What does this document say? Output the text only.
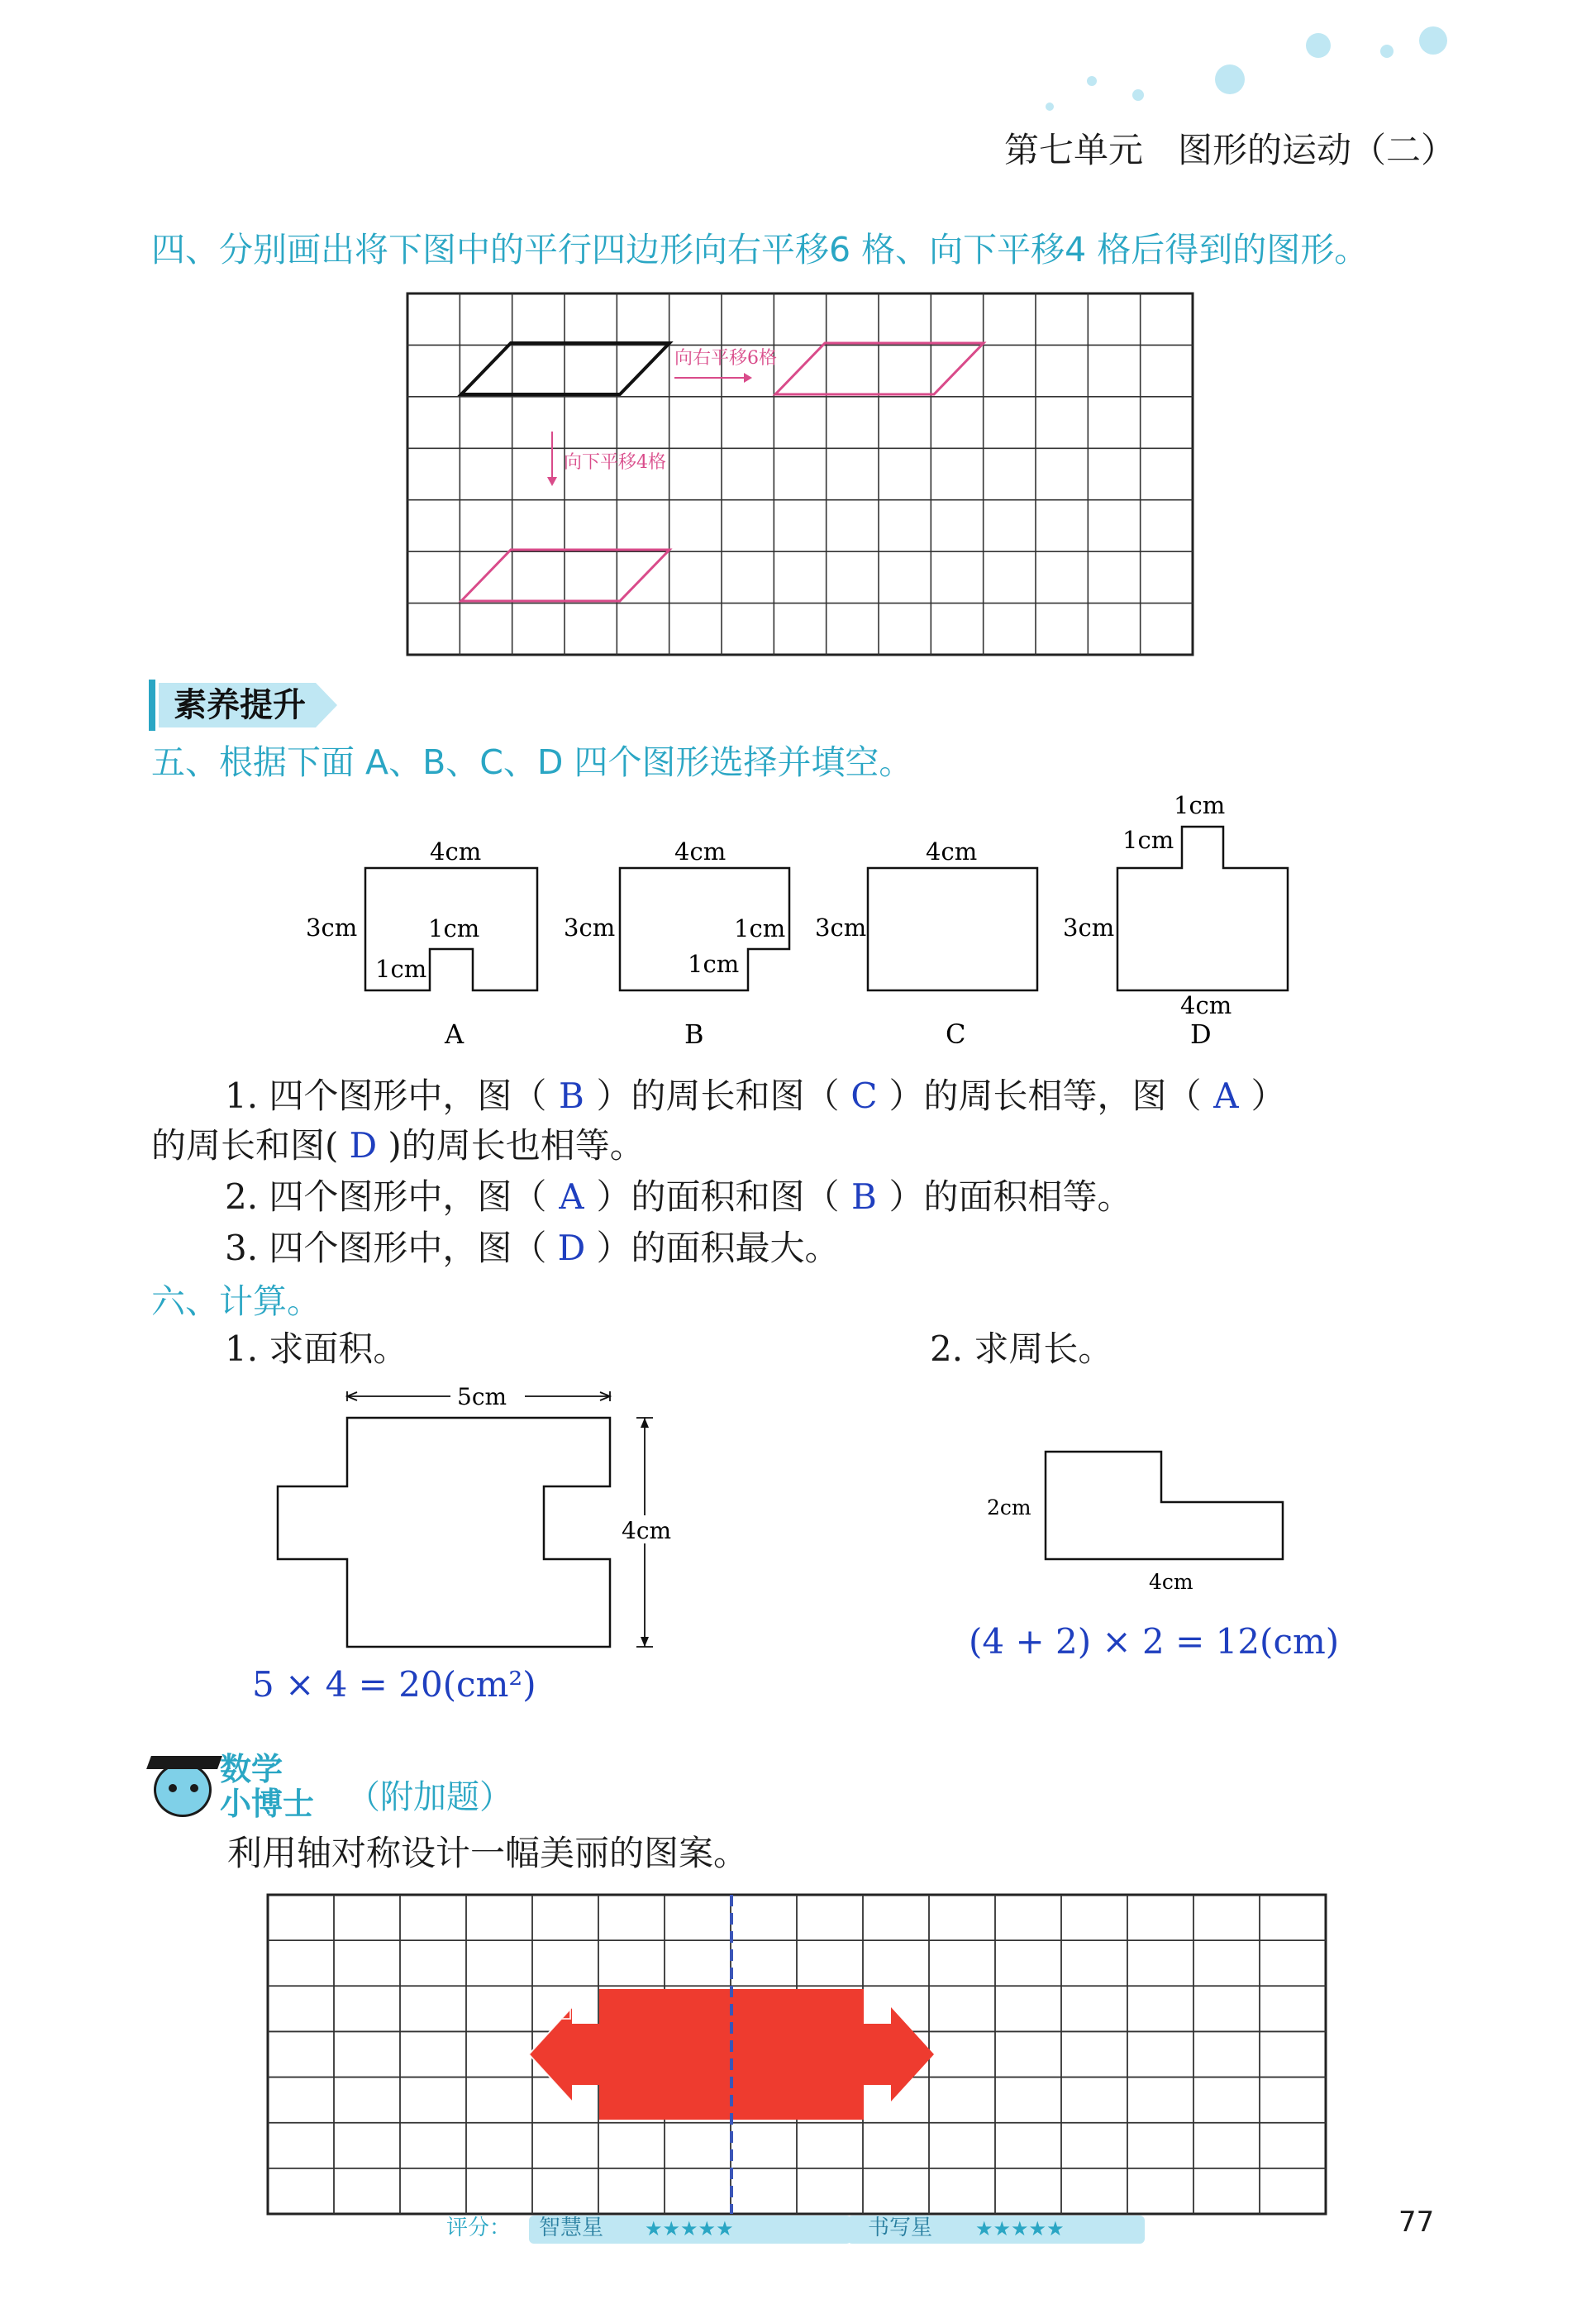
第七单元　图形的运动（二）
四、分别画出将下图中的平行四边形向右平移6 格、向下平移4 格后得到的图形。
向右平移6格
向下平移4格
素养提升
五、根据下面 A、B、C、D 四个图形选择并填空。
4cm
3cm	1cm
1cm
A
4cm
3cm	1cm
1cm
B
4cm
3cm
C
1cm
1cm
3cm
4cm
D
1. 四个图形中，图（ B ）的周长和图（ C ）的周长相等，图（ A ）
的周长和图( D )的周长也相等。
2. 四个图形中，图（ A ）的面积和图（ B ）的面积相等。
3. 四个图形中，图（ D ）的面积最大。
六、计算。
1. 求面积。	2. 求周长。
5cm
4cm
5 × 4 = 20(cm²)
2cm
4cm
(4 + 2) × 2 = 12(cm)
数学
小博士 （附加题）
利用轴对称设计一幅美丽的图案。
评分： 智慧星 ★★★★★	书写星 ★★★★★	77
